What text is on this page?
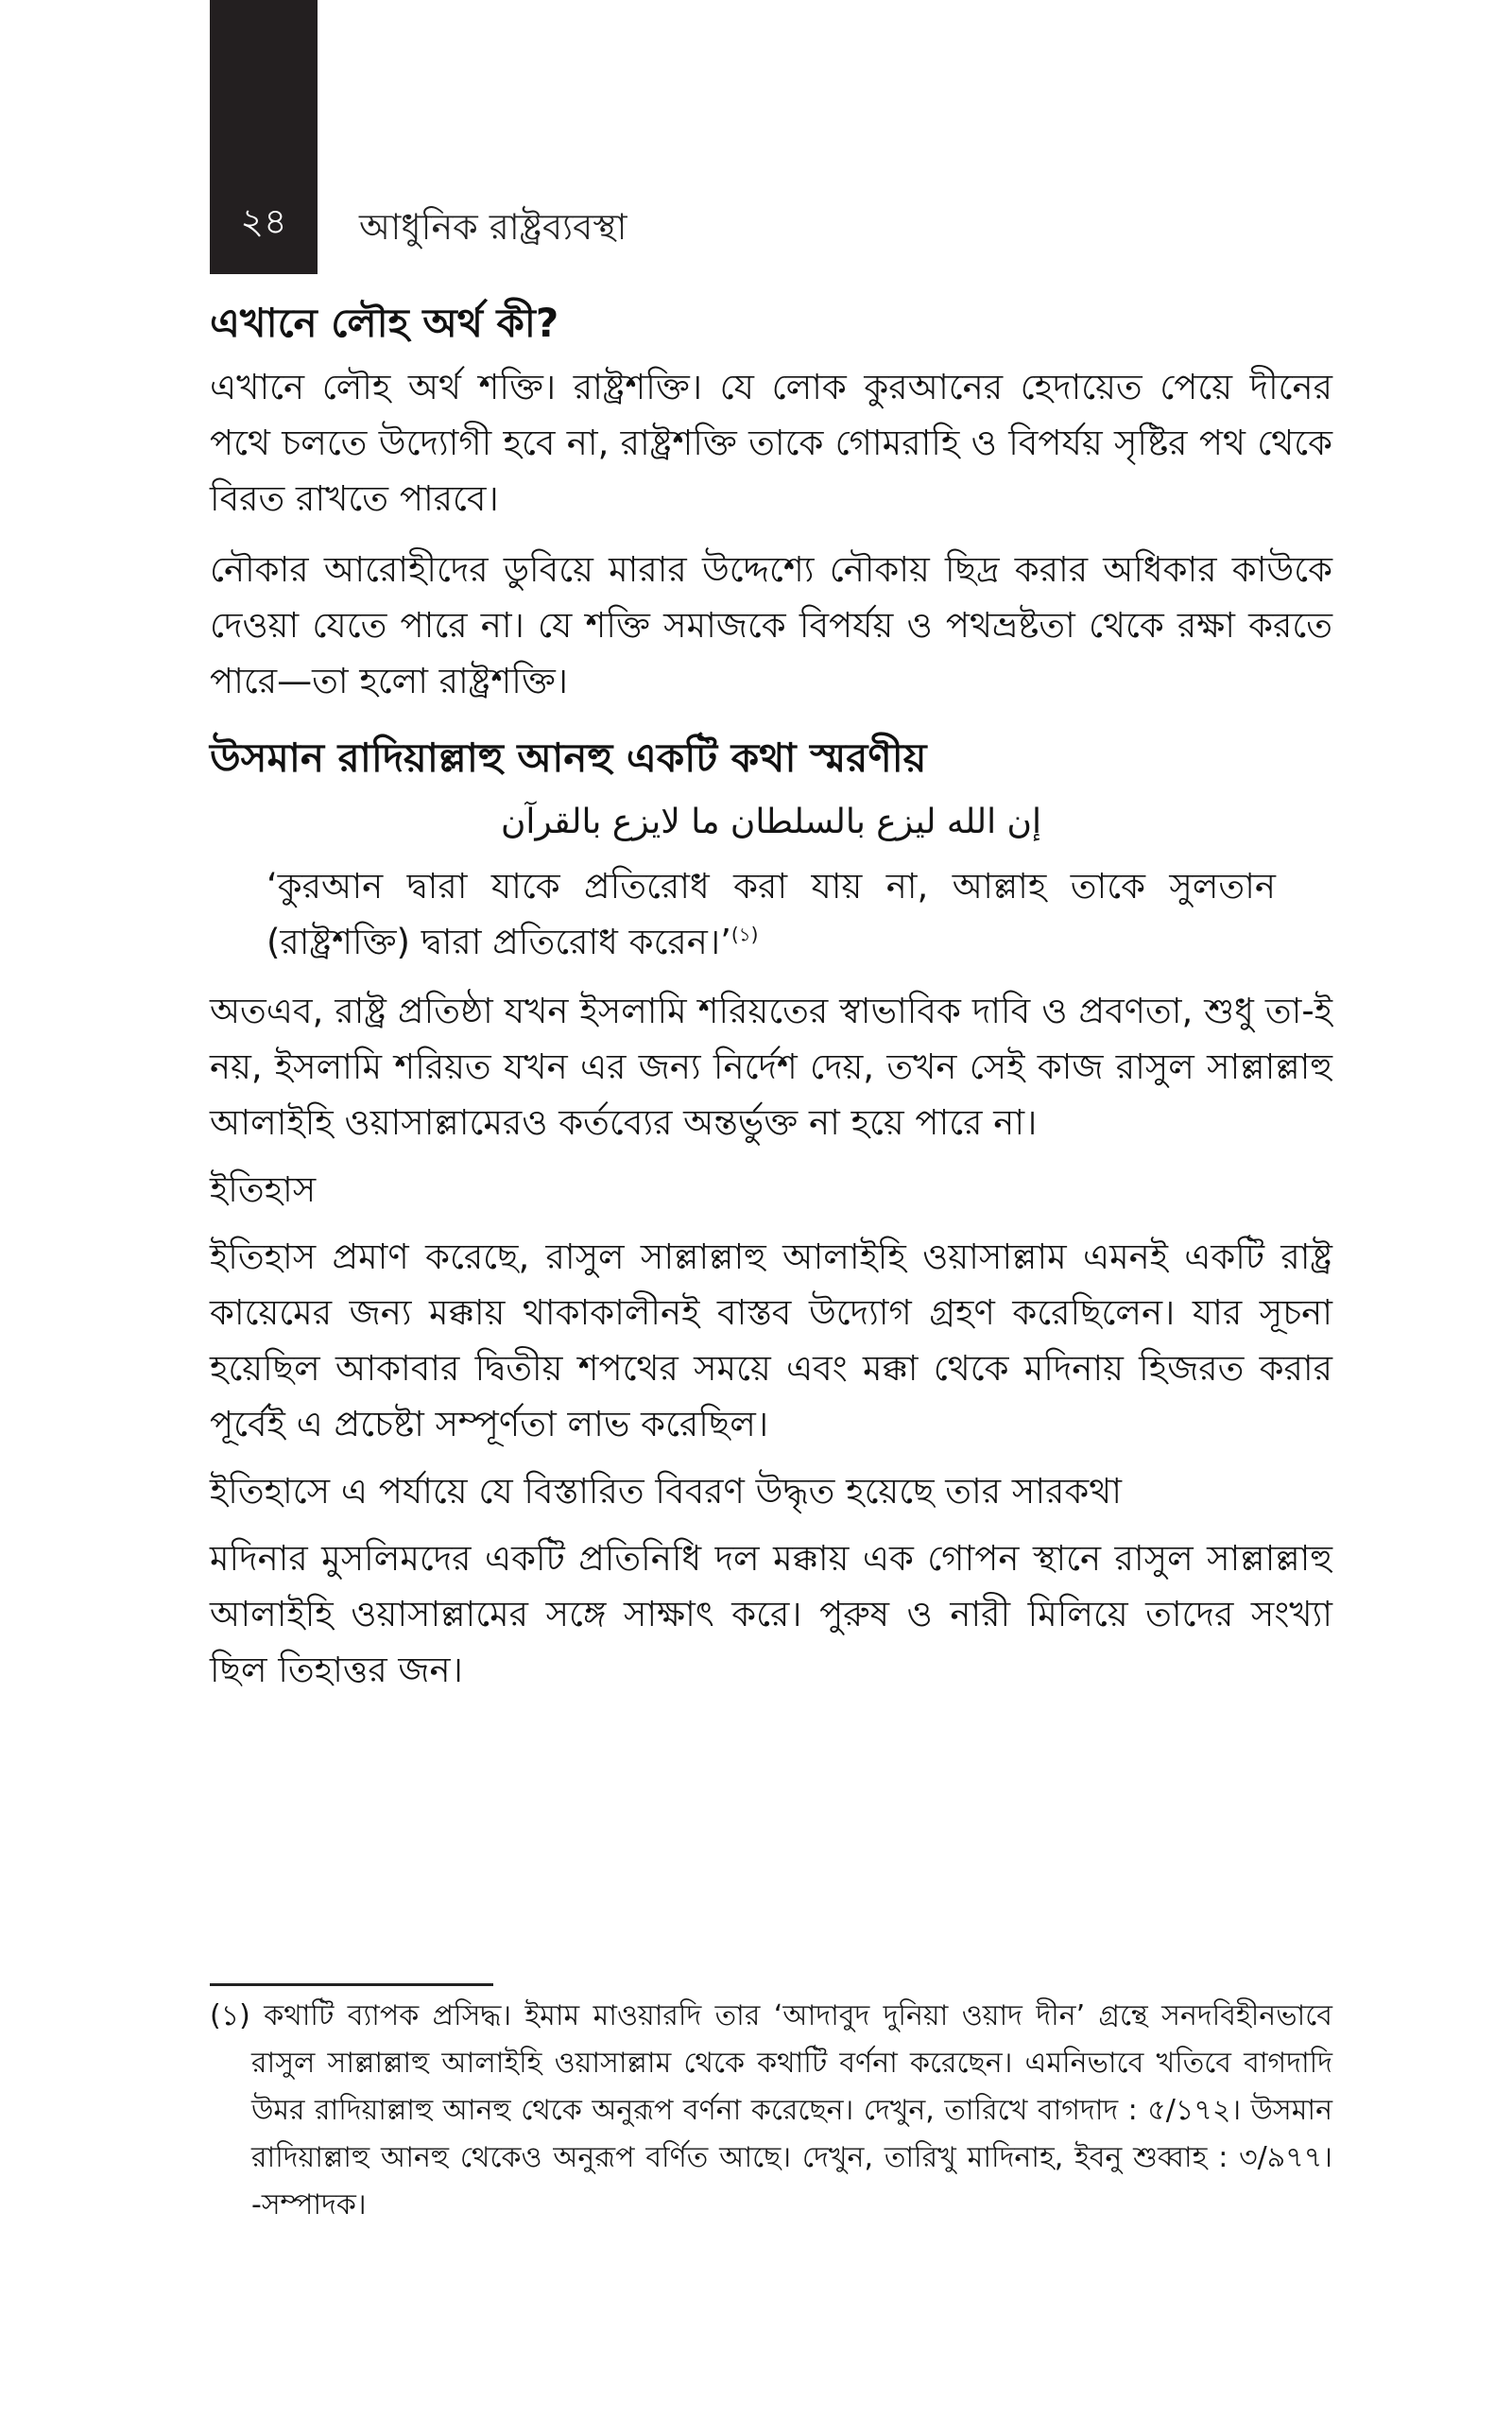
২৪	আধুনিক রাষ্ট্রব্যবস্থা
এখানে লৌহ অর্থ কী?

এখানে লৌহ অর্থ শক্তি। রাষ্ট্রশক্তি। যে লোক কুরআনের হেদায়েত পেয়ে দীনের পথে চলতে উদ্যোগী হবে না, রাষ্ট্রশক্তি তাকে গোমরাহি ও বিপর্যয় সৃষ্টির পথ থেকে বিরত রাখতে পারবে।

নৌকার আরোহীদের ডুবিয়ে মারার উদ্দেশ্যে নৌকায় ছিদ্র করার অধিকার কাউকে দেওয়া যেতে পারে না। যে শক্তি সমাজকে বিপর্যয় ও পথভ্রষ্টতা থেকে রক্ষা করতে পারে—তা হলো রাষ্ট্রশক্তি।

উসমান রাদিয়াল্লাহু আনহু একটি কথা স্মরণীয়

إن الله ليزع بالسلطان ما لايزع بالقرآن

‘কুরআন দ্বারা যাকে প্রতিরোধ করা যায় না, আল্লাহ তাকে সুলতান (রাষ্ট্রশক্তি) দ্বারা প্রতিরোধ করেন।’$^{(১)}$

অতএব, রাষ্ট্র প্রতিষ্ঠা যখন ইসলামি শরিয়তের স্বাভাবিক দাবি ও প্রবণতা, শুধু তা-ই নয়, ইসলামি শরিয়ত যখন এর জন্য নির্দেশ দেয়, তখন সেই কাজ রাসুল সাল্লাল্লাহু আলাইহি ওয়াসাল্লামেরও কর্তব্যের অন্তর্ভুক্ত না হয়ে পারে না।

ইতিহাস

ইতিহাস প্রমাণ করেছে, রাসুল সাল্লাল্লাহু আলাইহি ওয়াসাল্লাম এমনই একটি রাষ্ট্র কায়েমের জন্য মক্কায় থাকাকালীনই বাস্তব উদ্যোগ গ্রহণ করেছিলেন। যার সূচনা হয়েছিল আকাবার দ্বিতীয় শপথের সময়ে এবং মক্কা থেকে মদিনায় হিজরত করার পূর্বেই এ প্রচেষ্টা সম্পূর্ণতা লাভ করেছিল।

ইতিহাসে এ পর্যায়ে যে বিস্তারিত বিবরণ উদ্ধৃত হয়েছে তার সারকথা

মদিনার মুসলিমদের একটি প্রতিনিধি দল মক্কায় এক গোপন স্থানে রাসুল সাল্লাল্লাহু আলাইহি ওয়াসাল্লামের সঙ্গে সাক্ষাৎ করে। পুরুষ ও নারী মিলিয়ে তাদের সংখ্যা ছিল তিহাত্তর জন।

(১) কথাটি ব্যাপক প্রসিদ্ধ। ইমাম মাওয়ারদি তার ‘আদাবুদ দুনিয়া ওয়াদ দীন’ গ্রন্থে সনদবিহীনভাবে রাসুল সাল্লাল্লাহু আলাইহি ওয়াসাল্লাম থেকে কথাটি বর্ণনা করেছেন। এমনিভাবে খতিবে বাগদাদি উমর রাদিয়াল্লাহু আনহু থেকে অনুরূপ বর্ণনা করেছেন। দেখুন, তারিখে বাগদাদ : ৫/১৭২। উসমান রাদিয়াল্লাহু আনহু থেকেও অনুরূপ বর্ণিত আছে। দেখুন, তারিখু মাদিনাহ, ইবনু শুব্বাহ : ৩/৯৭৭। -সম্পাদক।
